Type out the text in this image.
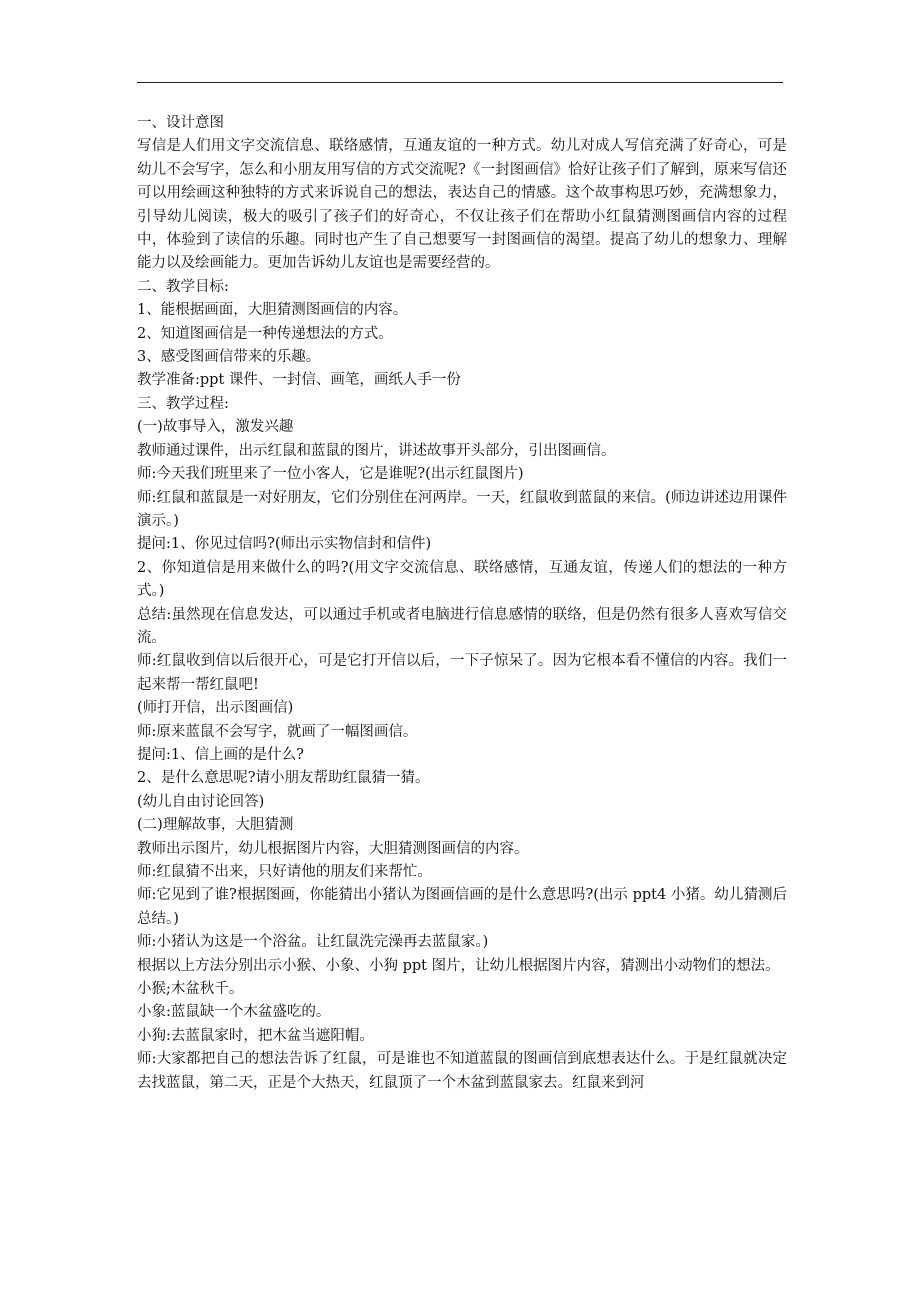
一、设计意图

写信是人们用文字交流信息、联络感情，互通友谊的一种方式。幼儿对成人写信充满了好奇心，可是幼儿不会写字，怎么和小朋友用写信的方式交流呢?《一封图画信》恰好让孩子们了解到，原来写信还可以用绘画这种独特的方式来诉说自己的想法，表达自己的情感。这个故事构思巧妙，充满想象力，引导幼儿阅读，极大的吸引了孩子们的好奇心，不仅让孩子们在帮助小红鼠猜测图画信内容的过程中，体验到了读信的乐趣。同时也产生了自己想要写一封图画信的渴望。提高了幼儿的想象力、理解能力以及绘画能力。更加告诉幼儿友谊也是需要经营的。

二、教学目标:

1、能根据画面，大胆猜测图画信的内容。

2、知道图画信是一种传递想法的方式。

3、感受图画信带来的乐趣。

教学准备:ppt 课件、一封信、画笔，画纸人手一份

三、教学过程:

(一)故事导入，激发兴趣

教师通过课件，出示红鼠和蓝鼠的图片，讲述故事开头部分，引出图画信。

师:今天我们班里来了一位小客人，它是谁呢?(出示红鼠图片)

师:红鼠和蓝鼠是一对好朋友，它们分别住在河两岸。一天，红鼠收到蓝鼠的来信。(师边讲述边用课件演示。)

提问:1、你见过信吗?(师出示实物信封和信件)

2、你知道信是用来做什么的吗?(用文字交流信息、联络感情，互通友谊，传递人们的想法的一种方式。)

总结:虽然现在信息发达，可以通过手机或者电脑进行信息感情的联络，但是仍然有很多人喜欢写信交流。

师:红鼠收到信以后很开心，可是它打开信以后，一下子惊呆了。因为它根本看不懂信的内容。我们一起来帮一帮红鼠吧!

(师打开信，出示图画信)

师:原来蓝鼠不会写字，就画了一幅图画信。

提问:1、信上画的是什么?

2、是什么意思呢?请小朋友帮助红鼠猜一猜。

(幼儿自由讨论回答)

(二)理解故事，大胆猜测

教师出示图片，幼儿根据图片内容，大胆猜测图画信的内容。

师:红鼠猜不出来，只好请他的朋友们来帮忙。

师:它见到了谁?根据图画，你能猜出小猪认为图画信画的是什么意思吗?(出示 ppt4 小猪。幼儿猜测后总结。)

师:小猪认为这是一个浴盆。让红鼠洗完澡再去蓝鼠家。)

根据以上方法分别出示小猴、小象、小狗 ppt 图片，让幼儿根据图片内容，猜测出小动物们的想法。

小猴;木盆秋千。

小象:蓝鼠缺一个木盆盛吃的。

小狗:去蓝鼠家时，把木盆当遮阳帽。

师:大家都把自己的想法告诉了红鼠，可是谁也不知道蓝鼠的图画信到底想表达什么。于是红鼠就决定去找蓝鼠，第二天，正是个大热天，红鼠顶了一个木盆到蓝鼠家去。红鼠来到河
